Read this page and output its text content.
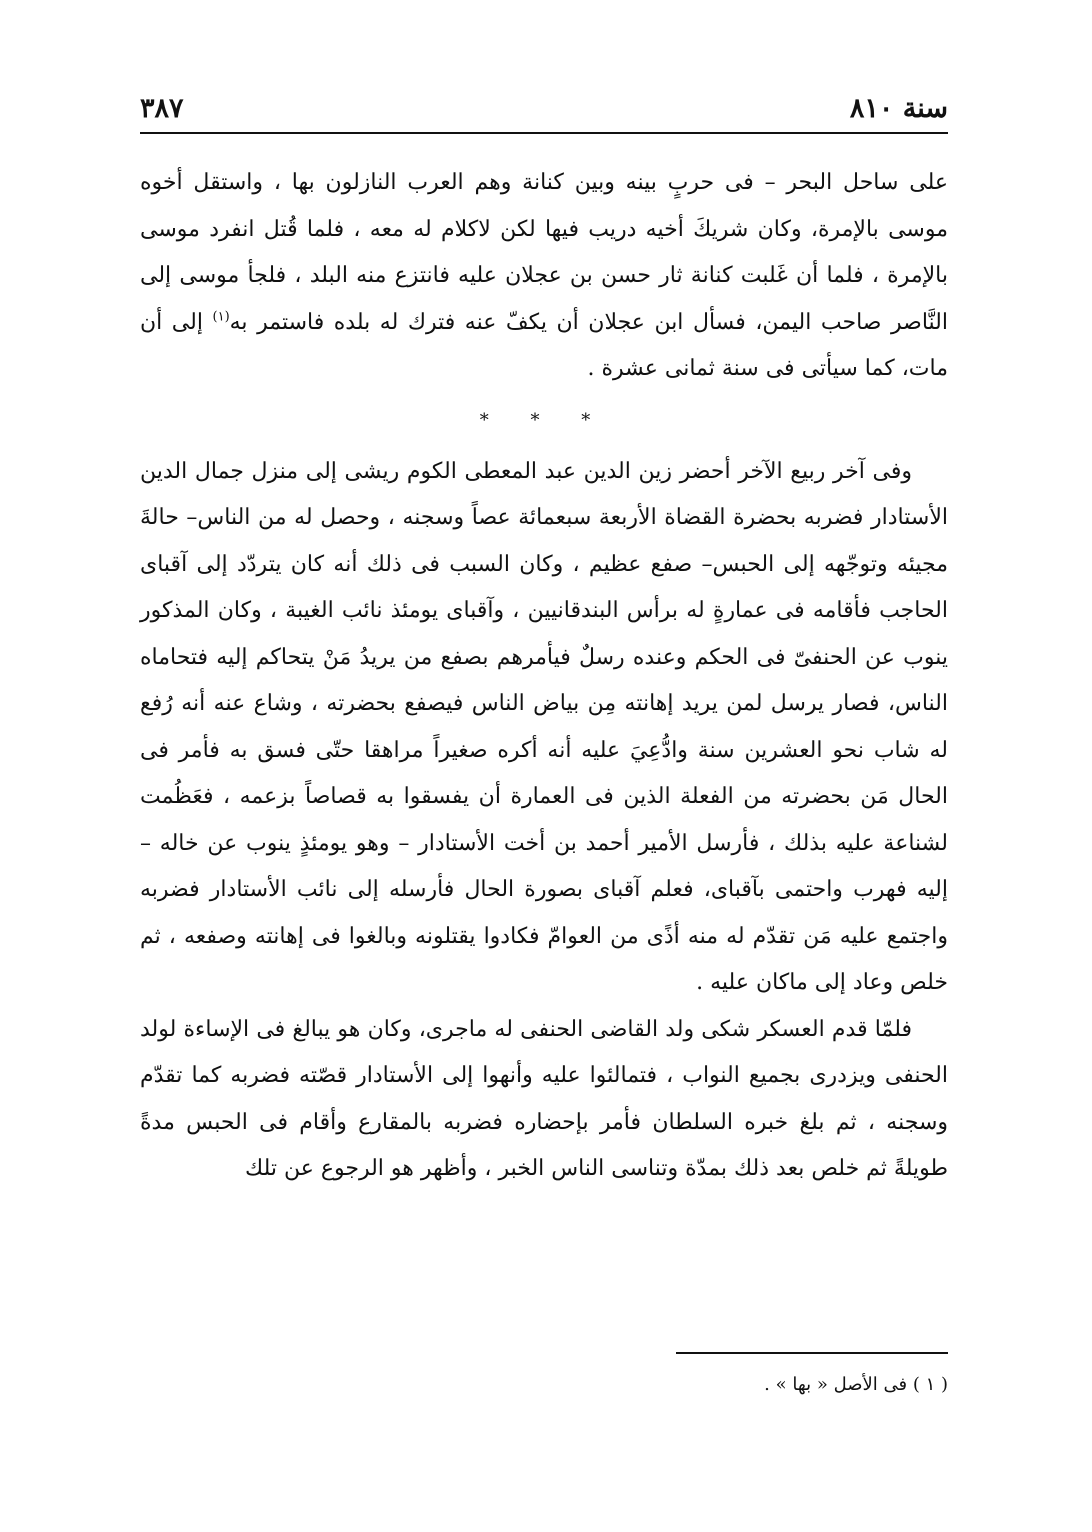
سنة ٨١٠
٣٨٧

على ساحل البحر – فى حربٍ بينه وبين كنانة وهم العرب النازلون بها ، واستقل أخوه موسى بالإمرة، وكان شريكَ أخيه دريب فيها لكن لاكلام له معه ، فلما قُتل انفرد موسى بالإمرة ، فلما أن غَلبت كنانة ثار حسن بن عجلان عليه فانتزع منه البلد ، فلجأ موسى إلى النَّاصر صاحب اليمن، فسأل ابن عجلان أن يكفّ عنه فترك له بلده فاستمر به$^{(١)}$ إلى أن مات، كما سيأتى فى سنة ثمانى عشرة .

* * *

وفى آخر ربيع الآخر أحضر زين الدين عبد المعطى الكوم ريشى إلى منزل جمال الدين الأستادار فضربه بحضرة القضاة الأربعة سبعمائة عصاً وسجنه ، وحصل له من الناس– حالةَ مجيئه وتوجّهه إلى الحبس– صفع عظيم ، وكان السبب فى ذلك أنه كان يتردّد إلى آقباى الحاجب فأقامه فى عمارةٍ له برأس البندقانيين ، وآقباى يومئذ نائب الغيبة ، وكان المذكور ينوب عن الحنفىّ فى الحكم وعنده رسلٌ فيأمرهم بصفع من يريدُ مَنْ يتحاكم إليه فتحاماه الناس، فصار يرسل لمن يريد إهانته مِن بياض الناس فيصفع بحضرته ، وشاع عنه أنه رُفع له شاب نحو العشرين سنة وادُّعِيَ عليه أنه أكره صغيراً مراهقا حتّى فسق به فأمر فى الحال مَن بحضرته من الفعلة الذين فى العمارة أن يفسقوا به قصاصاً بزعمه ، فعَظُمت لشناعة عليه بذلك ، فأرسل الأمير أحمد بن أخت الأستادار – وهو يومئذٍ ينوب عن خاله – إليه فهرب واحتمى بآقباى، فعلم آقباى بصورة الحال فأرسله إلى نائب الأستادار فضربه واجتمع عليه مَن تقدّم له منه أذًى من العوامّ فكادوا يقتلونه وبالغوا فى إهانته وصفعه ، ثم خلص وعاد إلى ماكان عليه .

فلمّا قدم العسكر شكى ولد القاضى الحنفى له ماجرى، وكان هو يبالغ فى الإساءة لولد الحنفى ويزدرى بجميع النواب ، فتمالئوا عليه وأنهوا إلى الأستادار قصّته فضربه كما تقدّم وسجنه ، ثم بلغ خبره السلطان فأمر بإحضاره فضربه بالمقارع وأقام فى الحبس مدةً طويلةً ثم خلص بعد ذلك بمدّة وتناسى الناس الخبر ، وأظهر هو الرجوع عن تلك

( ١ ) فى الأصل « بها » .
